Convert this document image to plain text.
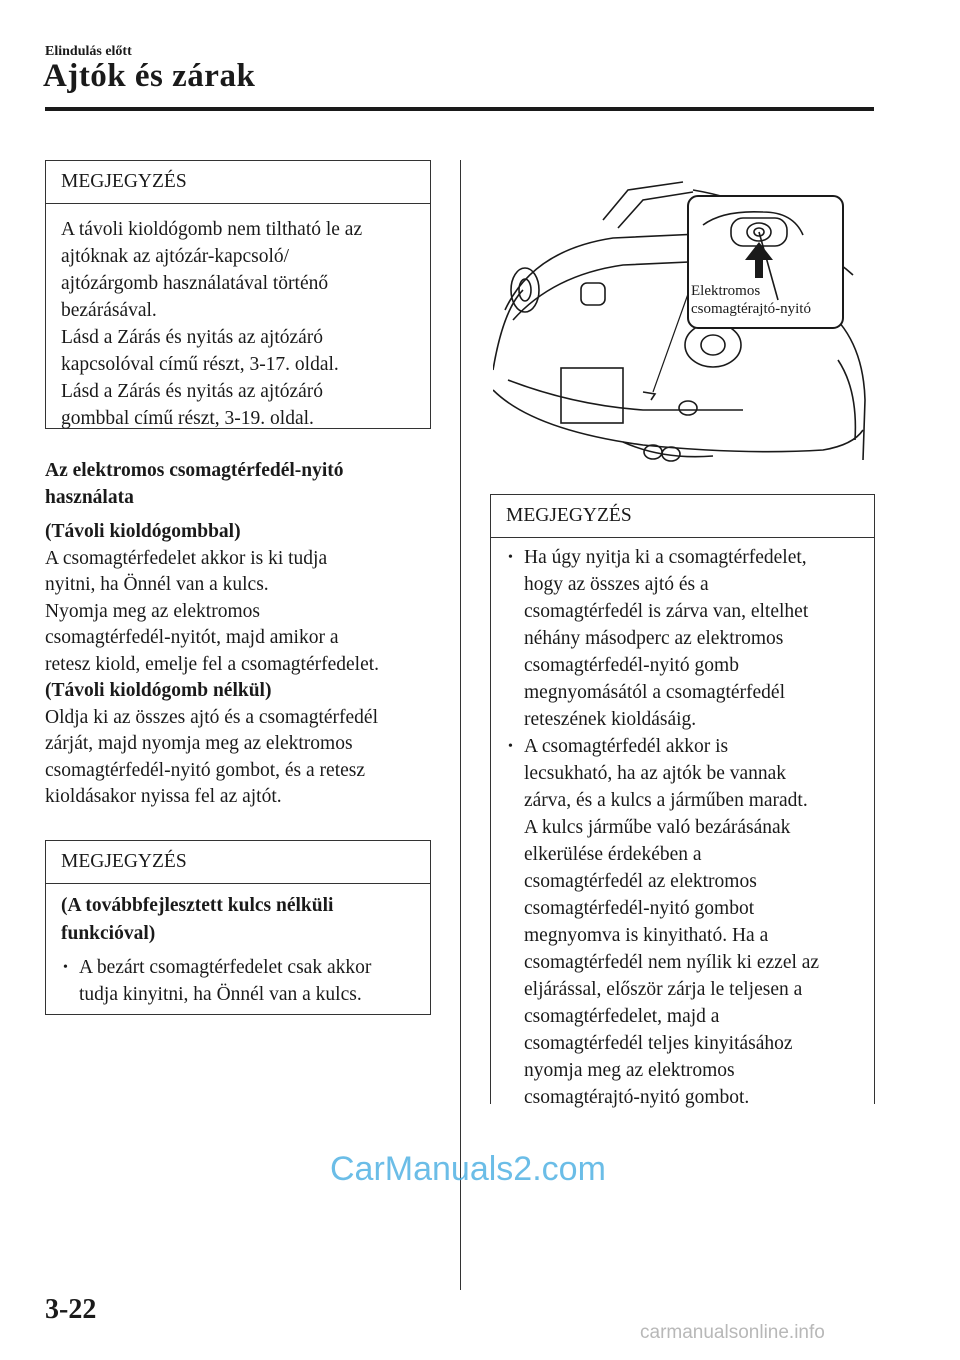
Elindulás előtt
Ajtók és zárak
MEGJEGYZÉS

A távoli kioldógomb nem tiltható le az

ajtóknak az ajtózár-kapcsoló/

ajtózárgomb használatával történő

bezárásával.

Lásd a Zárás és nyitás az ajtózáró

kapcsolóval című részt, 3-17. oldal.

Lásd a Zárás és nyitás az ajtózáró

gombbal című részt, 3-19. oldal.

Az elektromos csomagtérfedél-nyitó

használata

(Távoli kioldógombbal)

A csomagtérfedelet akkor is ki tudja

nyitni, ha Önnél van a kulcs.

Nyomja meg az elektromos

csomagtérfedél-nyitót, majd amikor a

retesz kiold, emelje fel a csomagtérfedelet.

(Távoli kioldógomb nélkül)

Oldja ki az összes ajtó és a csomagtérfedél

zárját, majd nyomja meg az elektromos

csomagtérfedél-nyitó gombot, és a retesz

kioldásakor nyissa fel az ajtót.

MEGJEGYZÉS

(A továbbfejlesztett kulcs nélküli

funkcióval)

• A bezárt csomagtérfedelet csak akkor

tudja kinyitni, ha Önnél van a kulcs.

Elektromos
csomagtérajtó-nyitó
MEGJEGYZÉS
• Ha úgy nyitja ki a csomagtérfedelet,

hogy az összes ajtó és a

csomagtérfedél is zárva van, eltelhet

néhány másodperc az elektromos

csomagtérfedél-nyitó gomb

megnyomásától a csomagtérfedél

reteszének kioldásáig.

• A csomagtérfedél akkor is

lecsukható, ha az ajtók be vannak

zárva, és a kulcs a járműben maradt.

A kulcs járműbe való bezárásának

elkerülése érdekében a

csomagtérfedél az elektromos

csomagtérfedél-nyitó gombot

megnyomva is kinyitható. Ha a

csomagtérfedél nem nyílik ki ezzel az

eljárással, először zárja le teljesen a

csomagtérfedelet, majd a

csomagtérfedél teljes kinyitásához

nyomja meg az elektromos

csomagtérajtó-nyitó gombot.

CarManuals2.com
3-22
carmanualsonline.info
